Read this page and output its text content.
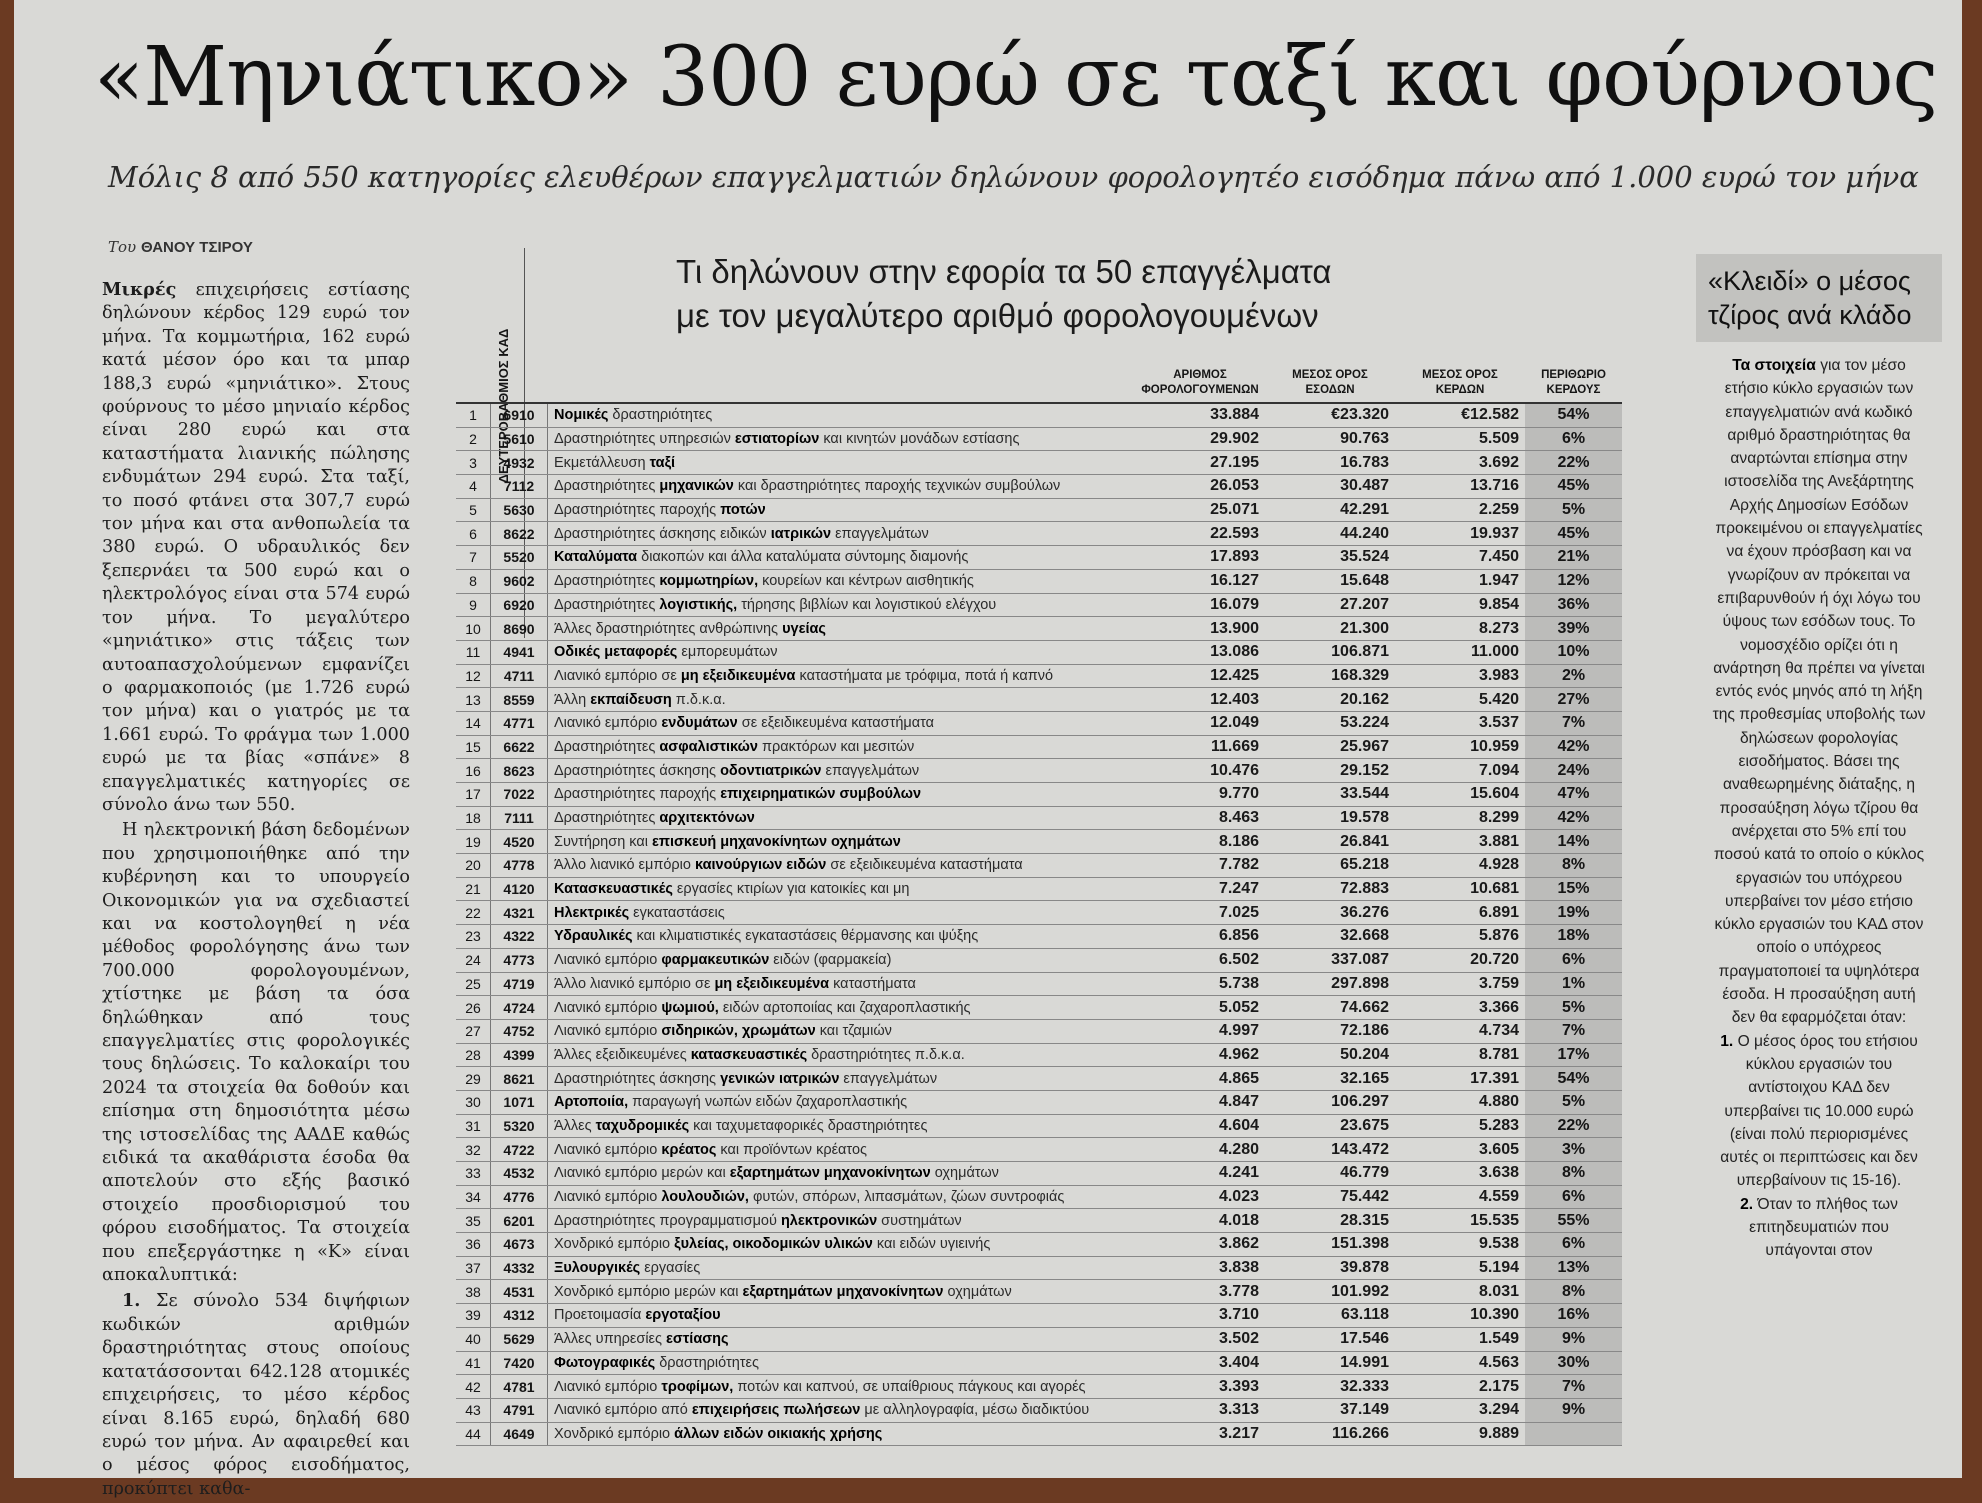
«Μηνιάτικο» 300 ευρώ σε ταξί και φούρνους
Μόλις 8 από 550 κατηγορίες ελευθέρων επαγγελματιών δηλώνουν φορολογητέο εισόδημα πάνω από 1.000 ευρώ τον μήνα
Του ΘΑΝΟΥ ΤΣΙΡΟΥ

Μικρές επιχειρήσεις εστίασης δηλώνουν κέρδος 129 ευρώ τον μήνα. Τα κομμωτήρια, 162 ευρώ κατά μέσον όρο και τα μπαρ 188,3 ευρώ «μηνιάτικο». Στους φούρνους το μέσο μηνιαίο κέρδος είναι 280 ευρώ και στα καταστήματα λιανικής πώλησης ενδυμάτων 294 ευρώ. Στα ταξί, το ποσό φτάνει στα 307,7 ευρώ τον μήνα και στα ανθοπωλεία τα 380 ευρώ. Ο υδραυλικός δεν ξεπερνάει τα 500 ευρώ και ο ηλεκτρολόγος είναι στα 574 ευρώ τον μήνα. Το μεγαλύτερο «μηνιάτικο» στις τάξεις των αυτοαπασχολούμενων εμφανίζει ο φαρμακοποιός (με 1.726 ευρώ τον μήνα) και ο γιατρός με τα 1.661 ευρώ. Το φράγμα των 1.000 ευρώ με τα βίας «σπάνε» 8 επαγγελματικές κατηγορίες σε σύνολο άνω των 550.

Η ηλεκτρονική βάση δεδομένων που χρησιμοποιήθηκε από την κυβέρνηση και το υπουργείο Οικονομικών για να σχεδιαστεί και να κοστολογηθεί η νέα μέθοδος φορολόγησης άνω των 700.000 φορολογουμένων, χτίστηκε με βάση τα όσα δηλώθηκαν από τους επαγγελματίες στις φορολογικές τους δηλώσεις. Το καλοκαίρι του 2024 τα στοιχεία θα δοθούν και επίσημα στη δημοσιότητα μέσω της ιστοσελίδας της ΑΑΔΕ καθώς ειδικά τα ακαθάριστα έσοδα θα αποτελούν στο εξής βασικό στοιχείο προσδιορισμού του φόρου εισοδήματος. Τα στοιχεία που επεξεργάστηκε η «Κ» είναι αποκαλυπτικά:

1. Σε σύνολο 534 διψήφιων κωδικών αριθμών δραστηριότητας στους οποίους κατατάσσονται 642.128 ατομικές επιχειρήσεις, το μέσο κέρδος είναι 8.165 ευρώ, δηλαδή 680 ευρώ τον μήνα. Αν αφαιρεθεί και ο μέσος φόρος εισοδήματος, προκύπτει καθα-

ΔΕΥΤΕΡΟΒΑΘΜΙΟΣ ΚΑΔ
Τι δηλώνουν στην εφορία τα 50 επαγγέλματα
με τον μεγαλύτερο αριθμό φορολογουμένων
			ΑΡΙΘΜΟΣ ΦΟΡΟΛΟΓΟΥΜΕΝΩΝ	ΜΕΣΟΣ ΟΡΟΣ ΕΣΟΔΩΝ	ΜΕΣΟΣ ΟΡΟΣ ΚΕΡΔΩΝ	ΠΕΡΙΘΩΡΙΟ ΚΕΡΔΟΥΣ
1	6910	Νομικές δραστηριότητες	33.884	€23.320	€12.582	54%
2	5610	Δραστηριότητες υπηρεσιών εστιατορίων και κινητών μονάδων εστίασης	29.902	90.763	5.509	6%
3	4932	Εκμετάλλευση ταξί	27.195	16.783	3.692	22%
4	7112	Δραστηριότητες μηχανικών και δραστηριότητες παροχής τεχνικών συμβούλων	26.053	30.487	13.716	45%
5	5630	Δραστηριότητες παροχής ποτών	25.071	42.291	2.259	5%
6	8622	Δραστηριότητες άσκησης ειδικών ιατρικών επαγγελμάτων	22.593	44.240	19.937	45%
7	5520	Καταλύματα διακοπών και άλλα καταλύματα σύντομης διαμονής	17.893	35.524	7.450	21%
8	9602	Δραστηριότητες κομμωτηρίων, κουρείων και κέντρων αισθητικής	16.127	15.648	1.947	12%
9	6920	Δραστηριότητες λογιστικής, τήρησης βιβλίων και λογιστικού ελέγχου	16.079	27.207	9.854	36%
10	8690	Άλλες δραστηριότητες ανθρώπινης υγείας	13.900	21.300	8.273	39%
11	4941	Οδικές μεταφορές εμπορευμάτων	13.086	106.871	11.000	10%
12	4711	Λιανικό εμπόριο σε μη εξειδικευμένα καταστήματα με τρόφιμα, ποτά ή καπνό	12.425	168.329	3.983	2%
13	8559	Άλλη εκπαίδευση π.δ.κ.α.	12.403	20.162	5.420	27%
14	4771	Λιανικό εμπόριο ενδυμάτων σε εξειδικευμένα καταστήματα	12.049	53.224	3.537	7%
15	6622	Δραστηριότητες ασφαλιστικών πρακτόρων και μεσιτών	11.669	25.967	10.959	42%
16	8623	Δραστηριότητες άσκησης οδοντιατρικών επαγγελμάτων	10.476	29.152	7.094	24%
17	7022	Δραστηριότητες παροχής επιχειρηματικών συμβούλων	9.770	33.544	15.604	47%
18	7111	Δραστηριότητες αρχιτεκτόνων	8.463	19.578	8.299	42%
19	4520	Συντήρηση και επισκευή μηχανοκίνητων οχημάτων	8.186	26.841	3.881	14%
20	4778	Άλλο λιανικό εμπόριο καινούργιων ειδών σε εξειδικευμένα καταστήματα	7.782	65.218	4.928	8%
21	4120	Κατασκευαστικές εργασίες κτιρίων για κατοικίες και μη	7.247	72.883	10.681	15%
22	4321	Ηλεκτρικές εγκαταστάσεις	7.025	36.276	6.891	19%
23	4322	Υδραυλικές και κλιματιστικές εγκαταστάσεις θέρμανσης και ψύξης	6.856	32.668	5.876	18%
24	4773	Λιανικό εμπόριο φαρμακευτικών ειδών (φαρμακεία)	6.502	337.087	20.720	6%
25	4719	Άλλο λιανικό εμπόριο σε μη εξειδικευμένα καταστήματα	5.738	297.898	3.759	1%
26	4724	Λιανικό εμπόριο ψωμιού, ειδών αρτοποιίας και ζαχαροπλαστικής	5.052	74.662	3.366	5%
27	4752	Λιανικό εμπόριο σιδηρικών, χρωμάτων και τζαμιών	4.997	72.186	4.734	7%
28	4399	Άλλες εξειδικευμένες κατασκευαστικές δραστηριότητες π.δ.κ.α.	4.962	50.204	8.781	17%
29	8621	Δραστηριότητες άσκησης γενικών ιατρικών επαγγελμάτων	4.865	32.165	17.391	54%
30	1071	Αρτοποιία, παραγωγή νωπών ειδών ζαχαροπλαστικής	4.847	106.297	4.880	5%
31	5320	Άλλες ταχυδρομικές και ταχυμεταφορικές δραστηριότητες	4.604	23.675	5.283	22%
32	4722	Λιανικό εμπόριο κρέατος και προϊόντων κρέατος	4.280	143.472	3.605	3%
33	4532	Λιανικό εμπόριο μερών και εξαρτημάτων μηχανοκίνητων οχημάτων	4.241	46.779	3.638	8%
34	4776	Λιανικό εμπόριο λουλουδιών, φυτών, σπόρων, λιπασμάτων, ζώων συντροφιάς	4.023	75.442	4.559	6%
35	6201	Δραστηριότητες προγραμματισμού ηλεκτρονικών συστημάτων	4.018	28.315	15.535	55%
36	4673	Χονδρικό εμπόριο ξυλείας, οικοδομικών υλικών και ειδών υγιεινής	3.862	151.398	9.538	6%
37	4332	Ξυλουργικές εργασίες	3.838	39.878	5.194	13%
38	4531	Χονδρικό εμπόριο μερών και εξαρτημάτων μηχανοκίνητων οχημάτων	3.778	101.992	8.031	8%
39	4312	Προετοιμασία εργοταξίου	3.710	63.118	10.390	16%
40	5629	Άλλες υπηρεσίες εστίασης	3.502	17.546	1.549	9%
41	7420	Φωτογραφικές δραστηριότητες	3.404	14.991	4.563	30%
42	4781	Λιανικό εμπόριο τροφίμων, ποτών και καπνού, σε υπαίθριους πάγκους και αγορές	3.393	32.333	2.175	7%
43	4791	Λιανικό εμπόριο από επιχειρήσεις πωλήσεων με αλληλογραφία, μέσω διαδικτύου	3.313	37.149	3.294	9%
44	4649	Χονδρικό εμπόριο άλλων ειδών οικιακής χρήσης	3.217	116.266	9.889	
«Κλειδί» ο μέσος τζίρος ανά κλάδο
Τα στοιχεία για τον μέσο ετήσιο κύκλο εργασιών των επαγγελματιών ανά κωδικό αριθμό δραστηριότητας θα αναρτώνται επίσημα στην ιστοσελίδα της Ανεξάρτητης Αρχής Δημοσίων Εσόδων προκειμένου οι επαγγελματίες να έχουν πρόσβαση και να γνωρίζουν αν πρόκειται να επιβαρυνθούν ή όχι λόγω του ύψους των εσόδων τους. Το νομοσχέδιο ορίζει ότι η ανάρτηση θα πρέπει να γίνεται εντός ενός μηνός από τη λήξη της προθεσμίας υποβολής των δηλώσεων φορολογίας εισοδήματος. Βάσει της αναθεωρημένης διάταξης, η προσαύξηση λόγω τζίρου θα ανέρχεται στο 5% επί του ποσού κατά το οποίο ο κύκλος εργασιών του υπόχρεου υπερβαίνει τον μέσο ετήσιο κύκλο εργασιών του ΚΑΔ στον οποίο ο υπόχρεος πραγματοποιεί τα υψηλότερα έσοδα. Η προσαύξηση αυτή δεν θα εφαρμόζεται όταν:
1. Ο μέσος όρος του ετήσιου κύκλου εργασιών του αντίστοιχου ΚΑΔ δεν υπερβαίνει τις 10.000 ευρώ (είναι πολύ περιορισμένες αυτές οι περιπτώσεις και δεν υπερβαίνουν τις 15-16).
2. Όταν το πλήθος των επιτηδευματιών που υπάγονται στον
